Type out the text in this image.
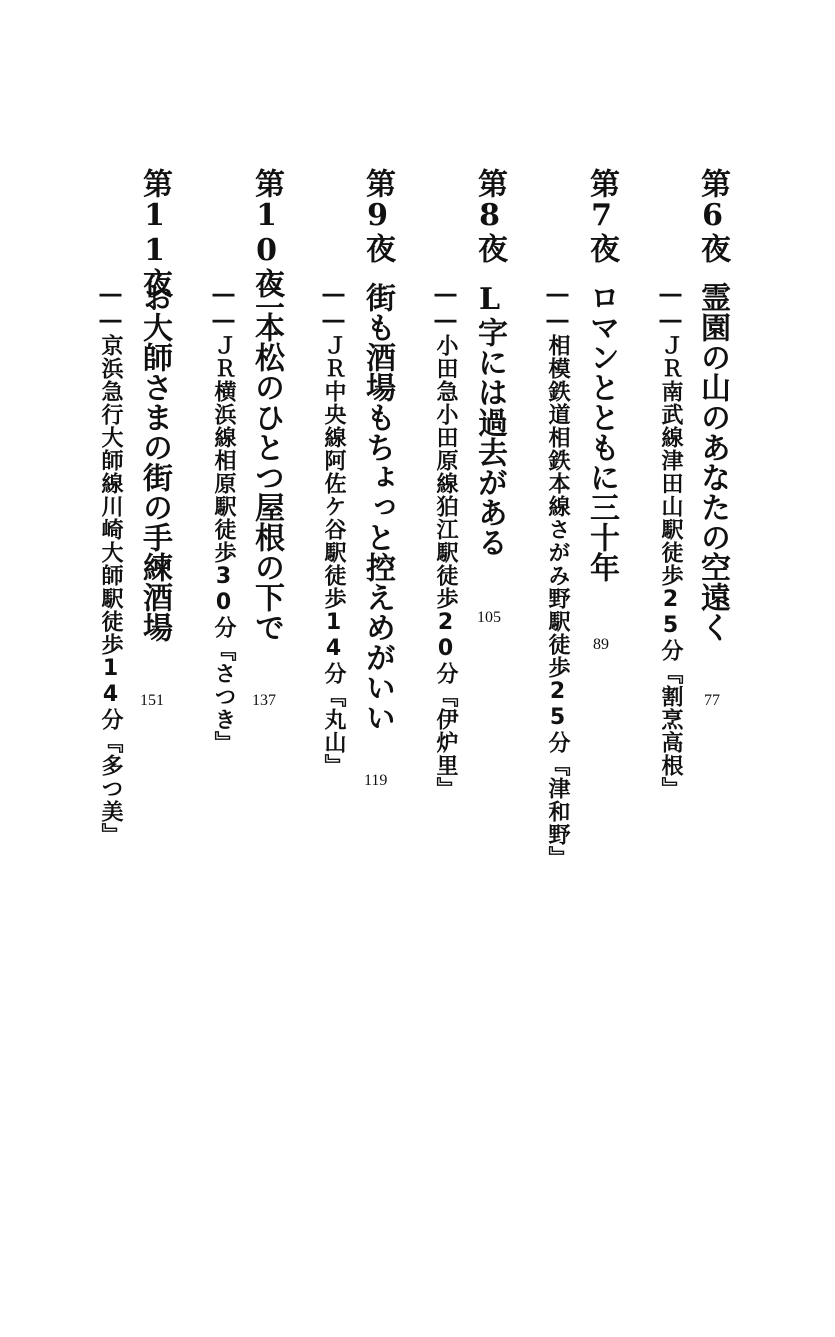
第6夜
霊園の山のあなたの空遠く
――ＪＲ南武線津田山駅徒歩25分『割烹高根』 77
第7夜
ロマンとともに三十年
――相模鉄道相鉄本線さがみ野駅徒歩25分『津和野』 89
第8夜
L字には過去がある
――小田急小田原線狛江駅徒歩20分『伊炉里』 105
第9夜
街も酒場もちょっと控えめがいい
――ＪＲ中央線阿佐ケ谷駅徒歩14分『丸山』
119
第10夜
二本松のひとつ屋根の下で
――ＪＲ横浜線相原駅徒歩30分『さつき』 137
第11夜
お大師さまの街の手練酒場
――京浜急行大師線川崎大師駅徒歩14分『多つ美』 151
